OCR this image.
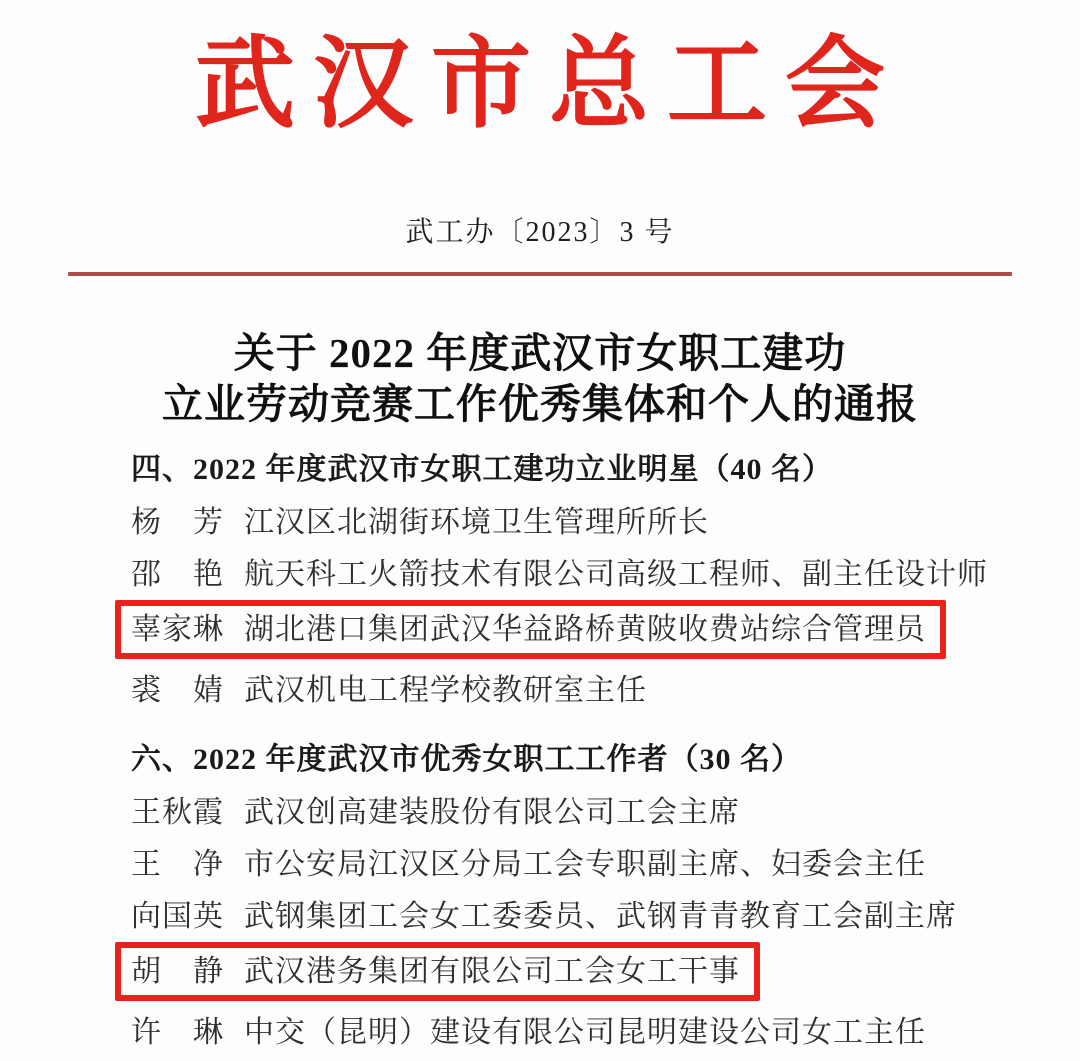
武汉市总工会
武工办〔2023〕3 号
关于 2022 年度武汉市女职工建功
立业劳动竞赛工作优秀集体和个人的通报
四、2022 年度武汉市女职工建功立业明星（40 名）
杨　芳 江汉区北湖街环境卫生管理所所长
邵　艳 航天科工火箭技术有限公司高级工程师、副主任设计师
辜家琳 湖北港口集团武汉华益路桥黄陂收费站综合管理员
裘　婧 武汉机电工程学校教研室主任
六、2022 年度武汉市优秀女职工工作者（30 名）
王秋霞 武汉创高建装股份有限公司工会主席
王　净 市公安局江汉区分局工会专职副主席、妇委会主任
向国英 武钢集团工会女工委委员、武钢青青教育工会副主席
胡　静 武汉港务集团有限公司工会女工干事
许　琳 中交（昆明）建设有限公司昆明建设公司女工主任
